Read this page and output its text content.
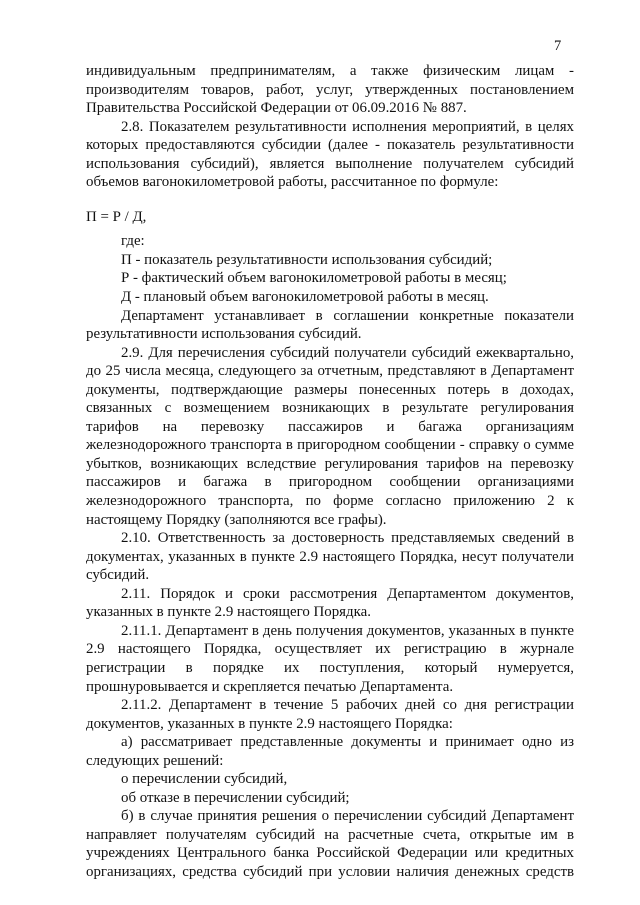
7

индивидуальным предпринимателям, а также физическим лицам - производителям товаров, работ, услуг, утвержденных постановлением Правительства Российской Федерации от 06.09.2016 № 887.

2.8. Показателем результативности исполнения мероприятий, в целях которых предоставляются субсидии (далее - показатель результативности использования субсидий), является выполнение получателем субсидий объемов вагонокилометровой работы, рассчитанное по формуле:

П = Р / Д,

где:

П - показатель результативности использования субсидий;

Р - фактический объем вагонокилометровой работы в месяц;

Д - плановый объем вагонокилометровой работы в месяц.

Департамент устанавливает в соглашении конкретные показатели результативности использования субсидий.

2.9. Для перечисления субсидий получатели субсидий ежеквартально, до 25 числа месяца, следующего за отчетным, представляют в Департамент документы, подтверждающие размеры понесенных потерь в доходах, связанных с возмещением возникающих в результате регулирования тарифов на перевозку пассажиров и багажа организациям железнодорожного транспорта в пригородном сообщении - справку о сумме убытков, возникающих вследствие регулирования тарифов на перевозку пассажиров и багажа в пригородном сообщении организациями железнодорожного транспорта, по форме согласно приложению 2 к настоящему Порядку (заполняются все графы).

2.10. Ответственность за достоверность представляемых сведений в документах, указанных в пункте 2.9 настоящего Порядка, несут получатели субсидий.

2.11. Порядок и сроки рассмотрения Департаментом документов, указанных в пункте 2.9 настоящего Порядка.

2.11.1. Департамент в день получения документов, указанных в пункте 2.9 настоящего Порядка, осуществляет их регистрацию в журнале регистрации в порядке их поступления, который нумеруется, прошнуровывается и скрепляется печатью Департамента.

2.11.2. Департамент в течение 5 рабочих дней со дня регистрации документов, указанных в пункте 2.9 настоящего Порядка:

а) рассматривает представленные документы и принимает одно из следующих решений:

о перечислении субсидий,

об отказе в перечислении субсидий;

б) в случае принятия решения о перечислении субсидий Департамент направляет получателям субсидий на расчетные счета, открытые им в учреждениях Центрального банка Российской Федерации или кредитных организациях, средства субсидий при условии наличия денежных средств
